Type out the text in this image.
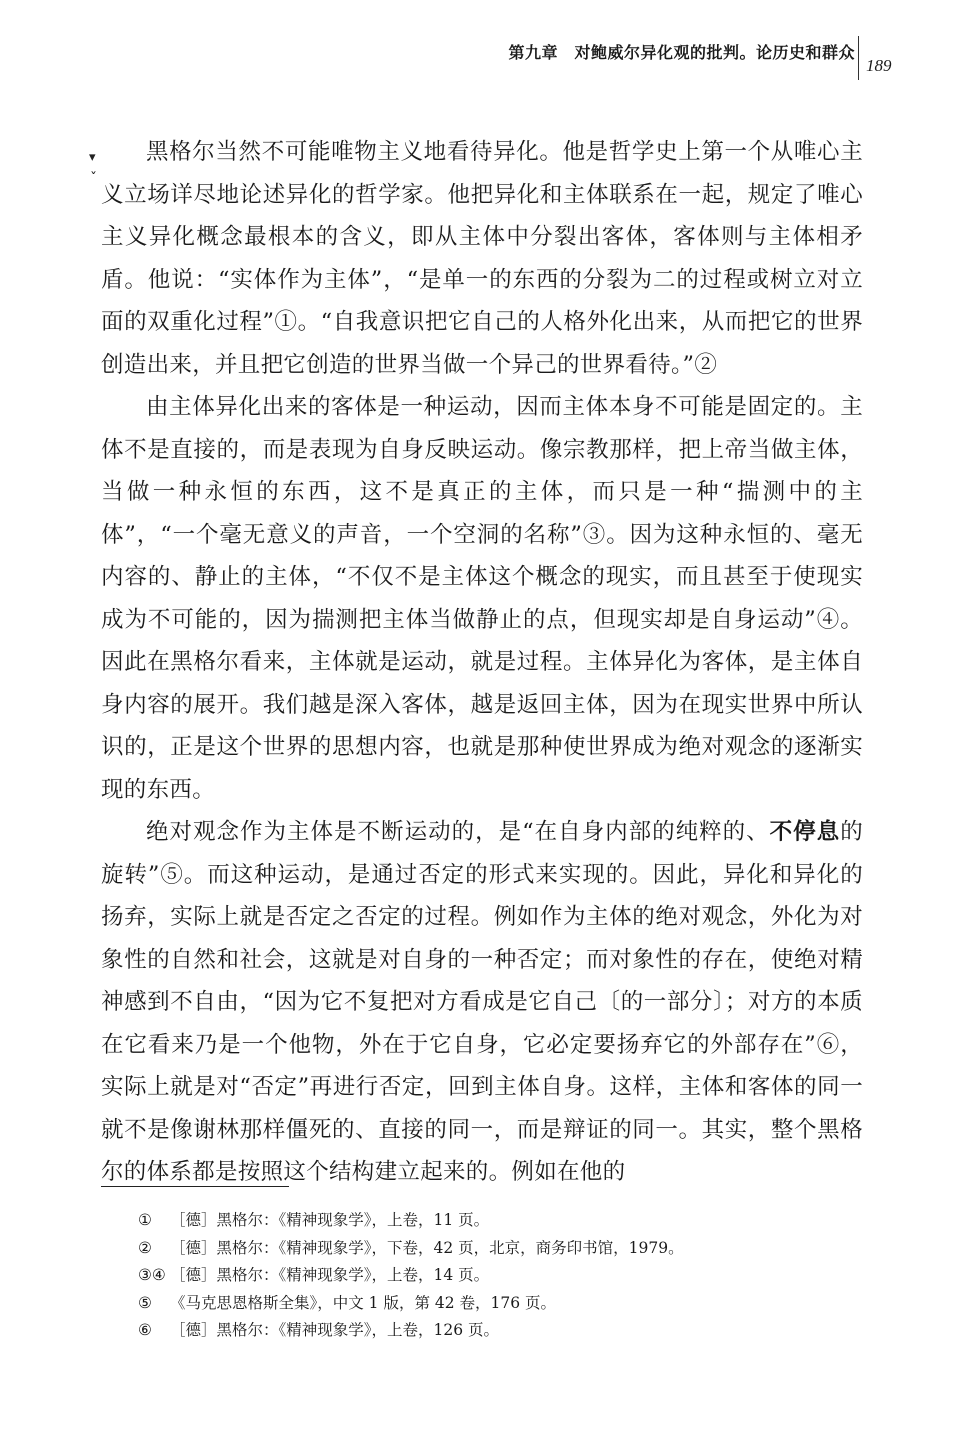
第九章　对鲍威尔异化观的批判。论历史和群众
189
▾
ˇ

黑格尔当然不可能唯物主义地看待异化。他是哲学史上第一个从唯心主义立场详尽地论述异化的哲学家。他把异化和主体联系在一起，规定了唯心主义异化概念最根本的含义，即从主体中分裂出客体，客体则与主体相矛盾。他说：“实体作为主体”，“是单一的东西的分裂为二的过程或树立对立面的双重化过程”①。“自我意识把它自己的人格外化出来，从而把它的世界创造出来，并且把它创造的世界当做一个异己的世界看待。”②

由主体异化出来的客体是一种运动，因而主体本身不可能是固定的。主体不是直接的，而是表现为自身反映运动。像宗教那样，把上帝当做主体，当做一种永恒的东西，这不是真正的主体，而只是一种“揣测中的主体”，“一个毫无意义的声音，一个空洞的名称”③。因为这种永恒的、毫无内容的、静止的主体，“不仅不是主体这个概念的现实，而且甚至于使现实成为不可能的，因为揣测把主体当做静止的点，但现实却是自身运动”④。因此在黑格尔看来，主体就是运动，就是过程。主体异化为客体，是主体自身内容的展开。我们越是深入客体，越是返回主体，因为在现实世界中所认识的，正是这个世界的思想内容，也就是那种使世界成为绝对观念的逐渐实现的东西。

绝对观念作为主体是不断运动的，是“在自身内部的纯粹的、不停息的旋转”⑤。而这种运动，是通过否定的形式来实现的。因此，异化和异化的扬弃，实际上就是否定之否定的过程。例如作为主体的绝对观念，外化为对象性的自然和社会，这就是对自身的一种否定；而对象性的存在，使绝对精神感到不自由，“因为它不复把对方看成是它自己〔的一部分〕；对方的本质在它看来乃是一个他物，外在于它自身，它必定要扬弃它的外部存在”⑥，实际上就是对“否定”再进行否定，回到主体自身。这样，主体和客体的同一就不是像谢林那样僵死的、直接的同一，而是辩证的同一。其实，整个黑格尔的体系都是按照这个结构建立起来的。例如在他的

① ［德］黑格尔：《精神现象学》，上卷，11 页。
② ［德］黑格尔：《精神现象学》，下卷，42 页，北京，商务印书馆，1979。
③④ ［德］黑格尔：《精神现象学》，上卷，14 页。
⑤ 《马克思恩格斯全集》，中文 1 版，第 42 卷，176 页。
⑥ ［德］黑格尔：《精神现象学》，上卷，126 页。
